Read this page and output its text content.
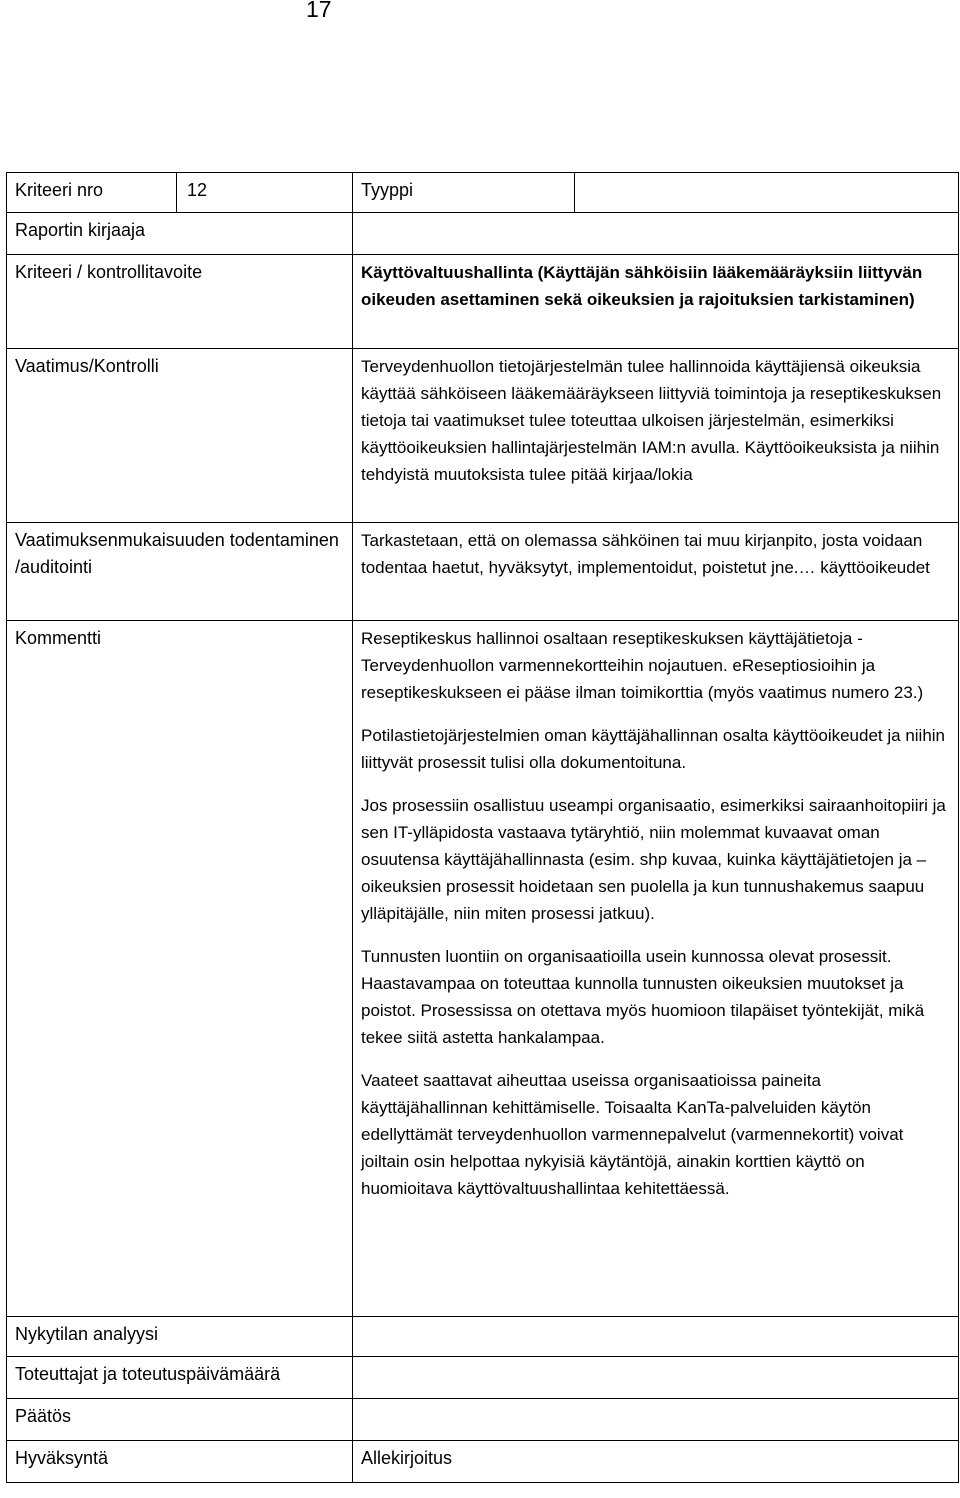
17
Kriteeri nro	12	Tyyppi	
Raportin kirjaaja			
Kriteeri / kontrollitavoite		Käyttövaltuushallinta (Käyttäjän sähköisiin lääkemääräyksiin liittyvän oikeuden asettaminen sekä oikeuksien ja rajoituksien tarkistaminen)	
Vaatimus/Kontrolli		Terveydenhuollon tietojärjestelmän tulee hallinnoida käyttäjiensä oikeuksia käyttää sähköiseen lääkemääräykseen liittyviä toimintoja ja reseptikeskuksen tietoja tai vaatimukset tulee toteuttaa ulkoisen järjestelmän, esimerkiksi käyttöoikeuksien hallintajärjestelmän IAM:n avulla. Käyttöoikeuksista ja niihin tehdyistä muutoksista tulee pitää kirjaa/lokia	
Vaatimuksenmukaisuuden todentaminen /auditointi		Tarkastetaan, että on olemassa sähköinen tai muu kirjanpito, josta voidaan todentaa haetut, hyväksytyt, implementoidut, poistetut jne.… käyttöoikeudet	
Kommentti		Reseptikeskus hallinnoi osaltaan reseptikeskuksen käyttäjätietoja - Terveydenhuollon varmennekortteihin nojautuen. eReseptiosioihin ja reseptikeskukseen ei pääse ilman toimikorttia (myös vaatimus numero 23.)

Potilastietojärjestelmien oman käyttäjähallinnan osalta käyttöoikeudet ja niihin liittyvät prosessit tulisi olla dokumentoituna.

Jos prosessiin osallistuu useampi organisaatio, esimerkiksi sairaanhoitopiiri ja sen IT-ylläpidosta vastaava tytäryhtiö, niin molemmat kuvaavat oman osuutensa käyttäjähallinnasta (esim. shp kuvaa, kuinka käyttäjätietojen ja –oikeuksien prosessit hoidetaan sen puolella ja kun tunnushakemus saapuu ylläpitäjälle, niin miten prosessi jatkuu).

Tunnusten luontiin on organisaatioilla usein kunnossa olevat prosessit. Haastavampaa on toteuttaa kunnolla tunnusten oikeuksien muutokset ja poistot. Prosessissa on otettava myös huomioon tilapäiset työntekijät, mikä tekee siitä astetta hankalampaa.

Vaateet saattavat aiheuttaa useissa organisaatioissa paineita käyttäjähallinnan kehittämiselle. Toisaalta KanTa-palveluiden käytön edellyttämät terveydenhuollon varmennepalvelut (varmennekortit) voivat joiltain osin helpottaa nykyisiä käytäntöjä, ainakin korttien käyttö on huomioitava käyttövaltuushallintaa kehitettäessä.	

Nykytilan analyysi			
Toteuttajat ja toteutuspäivämäärä			
Päätös			
Hyväksyntä		Allekirjoitus	
